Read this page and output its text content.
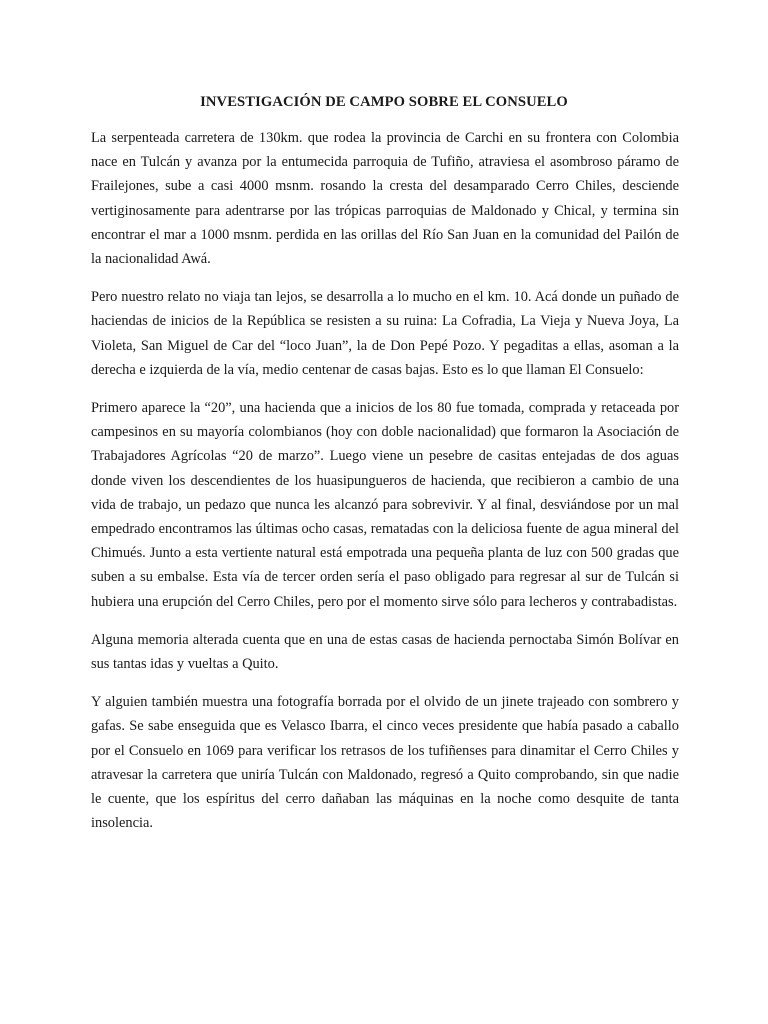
INVESTIGACIÓN DE CAMPO SOBRE EL CONSUELO

La serpenteada carretera de 130km. que rodea la provincia de Carchi en su frontera con Colombia nace en Tulcán y avanza por la entumecida parroquia de Tufiño, atraviesa el asombroso páramo de Frailejones, sube a casi 4000 msnm. rosando la cresta del desamparado Cerro Chiles, desciende vertiginosamente para adentrarse por las trópicas parroquias de Maldonado y Chical, y termina sin encontrar el mar a 1000 msnm. perdida en las orillas del Río San Juan en la comunidad del Pailón de la nacionalidad Awá.

Pero nuestro relato no viaja tan lejos, se desarrolla a lo mucho en el km. 10. Acá donde un puñado de haciendas de inicios de la República se resisten a su ruina: La Cofradia, La Vieja y Nueva Joya, La Violeta, San Miguel de Car del “loco Juan”, la de Don Pepé Pozo. Y pegaditas a ellas, asoman a la derecha e izquierda de la vía, medio centenar de casas bajas. Esto es lo que llaman El Consuelo:

Primero aparece la “20”, una hacienda que a inicios de los 80 fue tomada, comprada y retaceada por campesinos en su mayoría colombianos (hoy con doble nacionalidad) que formaron la Asociación de Trabajadores Agrícolas “20 de marzo”. Luego viene un pesebre de casitas entejadas de dos aguas donde viven los descendientes de los huasipungueros de hacienda, que recibieron a cambio de una vida de trabajo, un pedazo que nunca les alcanzó para sobrevivir. Y al final, desviándose por un mal empedrado encontramos las últimas ocho casas, rematadas con la deliciosa fuente de agua mineral del Chimués. Junto a esta vertiente natural está empotrada una pequeña planta de luz con 500 gradas que suben a su embalse. Esta vía de tercer orden sería el paso obligado para regresar al sur de Tulcán si hubiera una erupción del Cerro Chiles, pero por el momento sirve sólo para lecheros y contrabadistas.

Alguna memoria alterada cuenta que en una de estas casas de hacienda pernoctaba Simón Bolívar en sus tantas idas y vueltas a Quito.

Y alguien también muestra una fotografía borrada por el olvido de un jinete trajeado con sombrero y gafas. Se sabe enseguida que es Velasco Ibarra, el cinco veces presidente que había pasado a caballo por el Consuelo en 1069 para verificar los retrasos de los tufiñenses para dinamitar el Cerro Chiles y atravesar la carretera que uniría Tulcán con Maldonado, regresó a Quito comprobando, sin que nadie le cuente, que los espíritus del cerro dañaban las máquinas en la noche como desquite de tanta insolencia.
